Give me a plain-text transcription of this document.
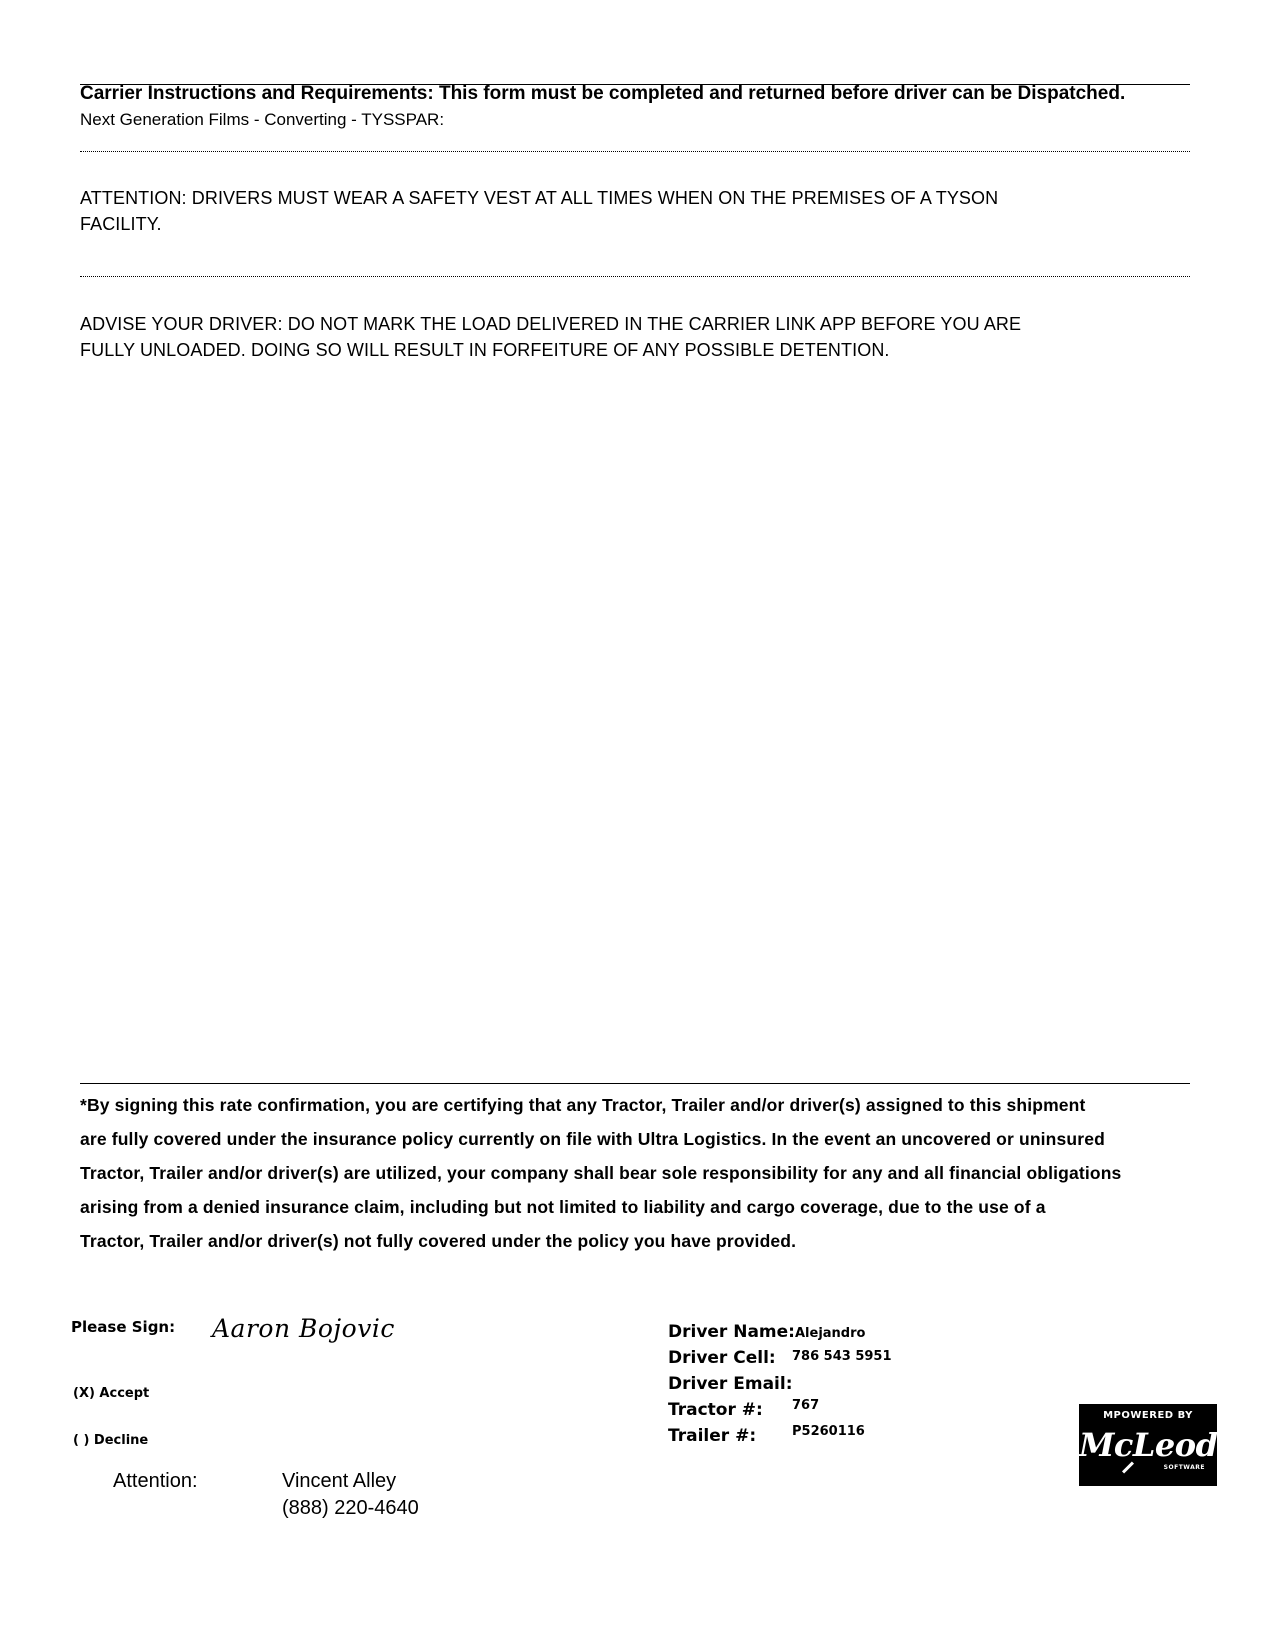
Carrier Instructions and Requirements: This form must be completed and returned before driver can be Dispatched.
Next Generation Films - Converting - TYSSPAR:
ATTENTION: DRIVERS MUST WEAR A SAFETY VEST AT ALL TIMES WHEN ON THE PREMISES OF A TYSON
FACILITY.
ADVISE YOUR DRIVER: DO NOT MARK THE LOAD DELIVERED IN THE CARRIER LINK APP BEFORE YOU ARE
FULLY UNLOADED. DOING SO WILL RESULT IN FORFEITURE OF ANY POSSIBLE DETENTION.
*By signing this rate confirmation, you are certifying that any Tractor, Trailer and/or driver(s) assigned to this shipment
are fully covered under the insurance policy currently on file with Ultra Logistics. In the event an uncovered or uninsured
Tractor, Trailer and/or driver(s) are utilized, your company shall bear sole responsibility for any and all financial obligations
arising from a denied insurance claim, including but not limited to liability and cargo coverage, due to the use of a
Tractor, Trailer and/or driver(s) not fully covered under the policy you have provided.
Please Sign: Aaron Bojovic
(X) Accept
( ) Decline
Attention:	Vincent Alley
(888) 220-4640
Driver Name:Alejandro
Driver Cell: 786 543 5951
Driver Email:
Tractor #: 767
Trailer #:	P5260116
MPOWERED BY
McLeod
SOFTWARE
